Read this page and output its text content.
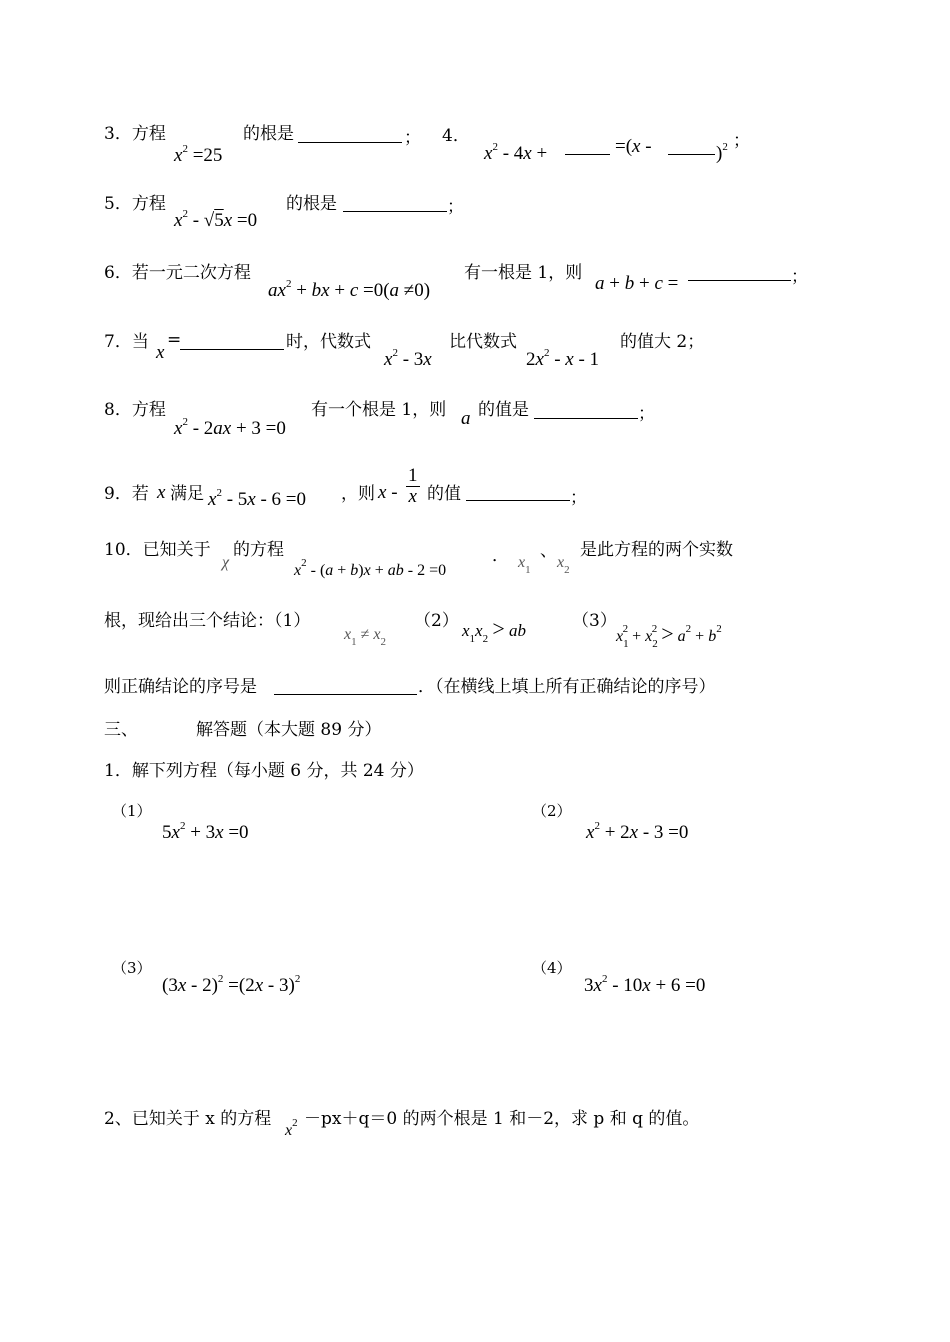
3．方程
$x^2 =25$
的根是	； 4．
$x^2 - 4x$ +	=(x -	)$^2$ ；
5．方程
$x^2 - √5x =0$
的根是	；
6．若一元二次方程
$ax^2$ + bx + c =0(a ≠0)
有一根是 1，则 a + b + c =	；
7．当 x
=	时，代数式
$x^2 - 3x$
比代数式
$2x^2$ - x - 1
的值大 2；
8．方程
$x^2 - 2ax + 3 =0$
有一个根是 1，则 a 的值是	；
9．若 x 满足 $x^2 - 5x - 6 =0$ ，则 x - $\frac{1}{x}$ 的值	；
10．已知关于
χ
的方程
$x^2 - (a + b)x$ + ab - 2 =0
． $x_1$
、
$x_2$
是此方程的两个实数
根，现给出三个结论：（1）
$x_1 \ne x_2$
（2） $x_1x_2$ > ab	（3）
$x_1^2 + x_2^2 > a^2 + b^2$
则正确结论的序号是	．（在横线上填上所有正确结论的序号）
三、	解答题（本大题 89 分）
1．解下列方程（每小题 6 分，共 24 分）
（1）
$5x^2 + 3x =0$
（2）
$x^2 + 2x - 3 =0$
（3）
(3x - 2)$^2$ =(2x - 3)$^2$
（4）
$3x^2 - 10x + 6 =0$
2、已知关于 x 的方程
$x^2 -px+q=0$ 的两个根是 1 和－2，求 p 和 q 的值。
